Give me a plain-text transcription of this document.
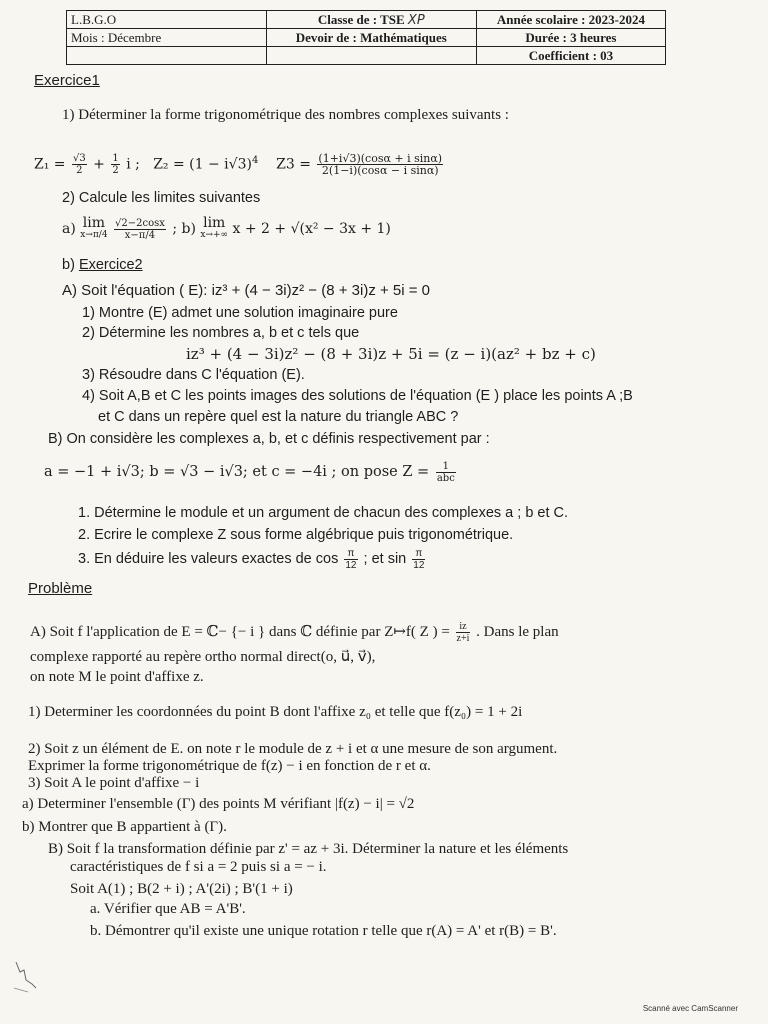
L.B.G.O	Classe de : TSE XP	Année scolaire : 2023-2024
Mois : Décembre	Devoir de : Mathématiques	Durée : 3 heures
		Coefficient : 03
Exercice1
1) Déterminer la forme trigonométrique des nombres complexes suivants :
$Z_1 = \frac{√3}{2} + \frac{1}{2}$ i ; $Z_2 = (1 - i√3)^4$ $Z3 = \frac{\text{(1+i√3)(cosα + i sinα)}}{\text{2(1−i)(cosα − i sinα)}}$
2) Calcule les limites suivantes
a) lim
x→π/4
$\frac{√2-2\cos x}{x-\pi/4}$ ; b) lim
x→+∞ x + 2 + √(x² − 3x + 1)
b) Exercice2
A) Soit l'équation ( E): iz³ + (4 − 3i)z² − (8 + 3i)z + 5i = 0
1) Montre (E) admet une solution imaginaire pure
2) Détermine les nombres a, b et c tels que
iz³ + (4 − 3i)z² − (8 + 3i)z + 5i = (z − i)(az² + bz + c)
3) Résoudre dans C l'équation (E).
4) Soit A,B et C les points images des solutions de l'équation (E ) place les points A ;B
et C dans un repère quel est la nature du triangle ABC ?
B) On considère les complexes a, b, et c définis respectivement par :
a = −1 + i√3; b = √3 − i√3; et c = −4i ; on pose $Z = \frac{1}{\text{abc}}$
1. Détermine le module et un argument de chacun des complexes a ; b et C.
2. Ecrire le complexe Z sous forme algébrique puis trigonométrique.
3. En déduire les valeurs exactes de $\cos \frac{\pi}{12}$ ; et $\sin \frac{\pi}{12}$
Problème
A) Soit f l'application de E = ℂ− {− i } dans ℂ définie par Z↦f( Z ) = $\frac{iz}{z+i}$ . Dans le plan
complexe rapporté au repère ortho normal direct(o, u⃗, v⃗),
on note M le point d'affixe z.
1) Determiner les coordonnées du point B dont l'affixe z₀ et telle que f(z₀) = 1 + 2i
2) Soit z un élément de E. on note r le module de z + i et α une mesure de son argument.
Exprimer la forme trigonométrique de f(z) − i en fonction de r et α.
3) Soit A le point d'affixe − i
a) Determiner l'ensemble (Γ) des points M vérifiant |f(z) − i| = √2
b) Montrer que B appartient à (Γ).
B) Soit f la transformation définie par z' = az + 3i. Déterminer la nature et les éléments
caractéristiques de f si a = 2 puis si a = − i.
Soit A(1) ; B(2 + i) ; A'(2i) ; B'(1 + i)
a. Vérifier que AB = A'B'.
b. Démontrer qu'il existe une unique rotation r telle que r(A) = A' et r(B) = B'.
Scanné avec CamScanner
